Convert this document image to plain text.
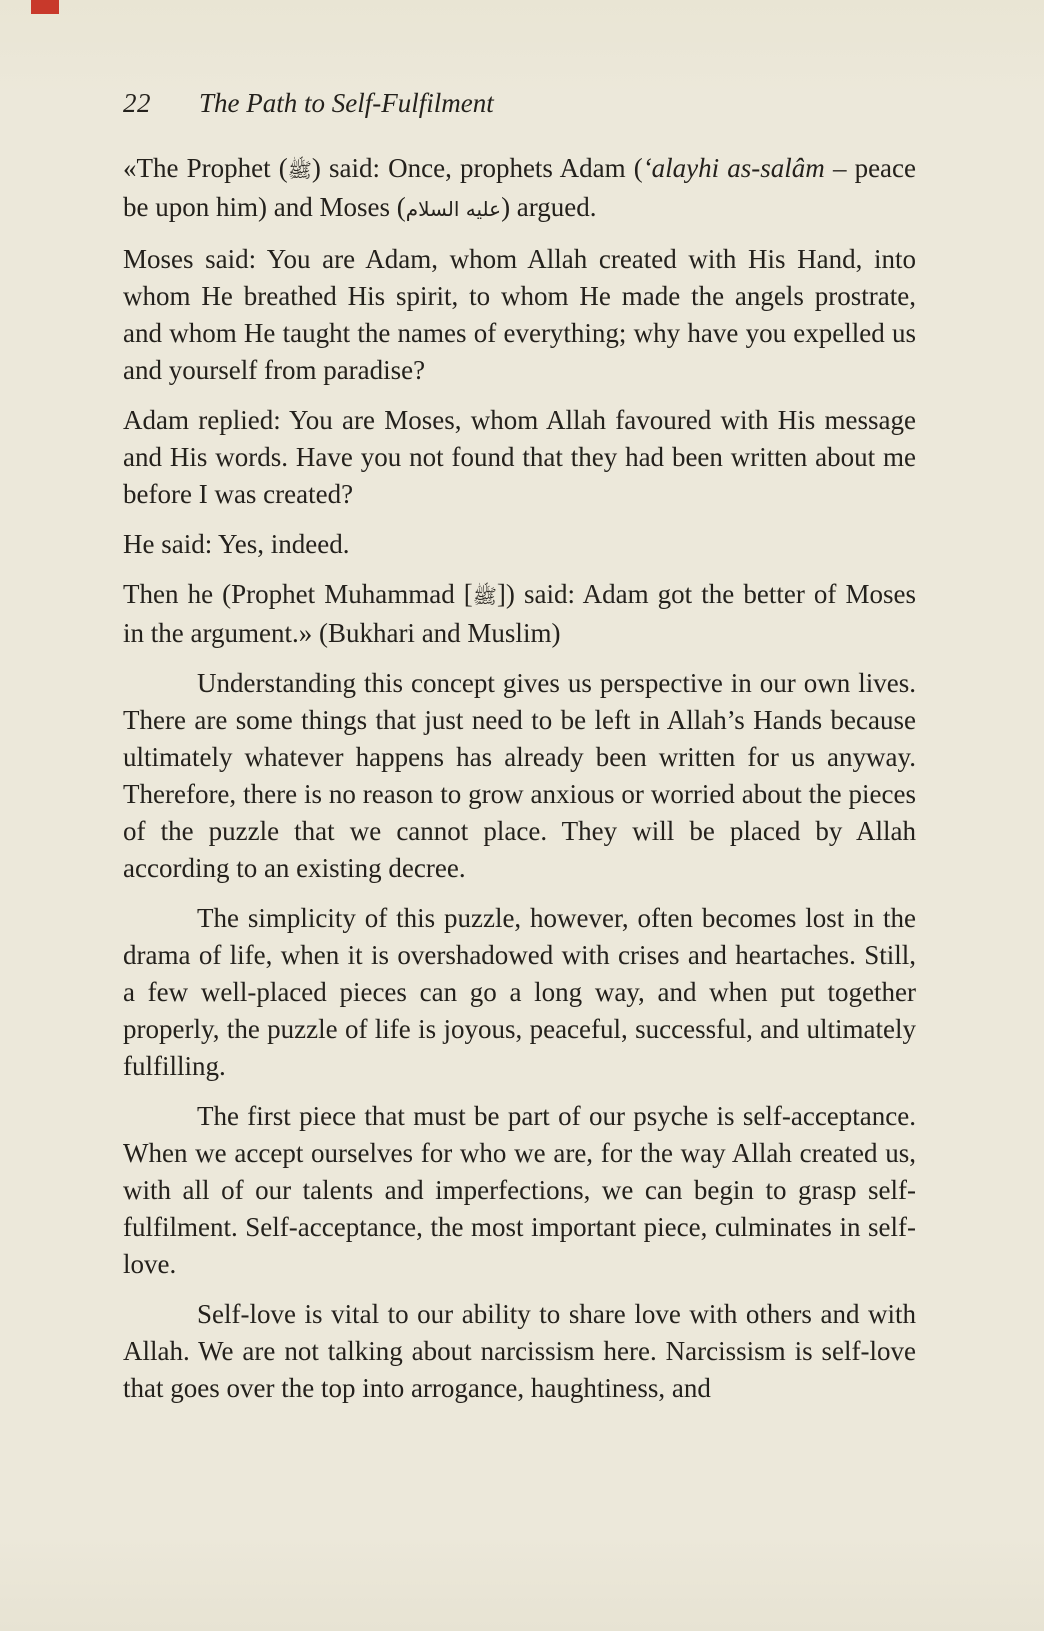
22 The Path to Self-Fulfilment

«The Prophet (ﷺ) said: Once, prophets Adam (‘alayhi as-salâm – peace be upon him) and Moses (عليه السلام) argued.

Moses said: You are Adam, whom Allah created with His Hand, into whom He breathed His spirit, to whom He made the angels prostrate, and whom He taught the names of everything; why have you expelled us and yourself from paradise?

Adam replied: You are Moses, whom Allah favoured with His message and His words. Have you not found that they had been written about me before I was created?

He said: Yes, indeed.

Then he (Prophet Muhammad [ﷺ]) said: Adam got the better of Moses in the argument.» (Bukhari and Muslim)

Understanding this concept gives us perspective in our own lives. There are some things that just need to be left in Allah’s Hands because ultimately whatever happens has already been written for us anyway. Therefore, there is no reason to grow anxious or worried about the pieces of the puzzle that we cannot place. They will be placed by Allah according to an existing decree.

The simplicity of this puzzle, however, often becomes lost in the drama of life, when it is overshadowed with crises and heartaches. Still, a few well-placed pieces can go a long way, and when put together properly, the puzzle of life is joyous, peaceful, successful, and ultimately fulfilling.

The first piece that must be part of our psyche is self-acceptance. When we accept ourselves for who we are, for the way Allah created us, with all of our talents and imperfections, we can begin to grasp self-fulfilment. Self-acceptance, the most important piece, culminates in self-love.

Self-love is vital to our ability to share love with others and with Allah. We are not talking about narcissism here. Narcissism is self-love that goes over the top into arrogance, haughtiness, and
